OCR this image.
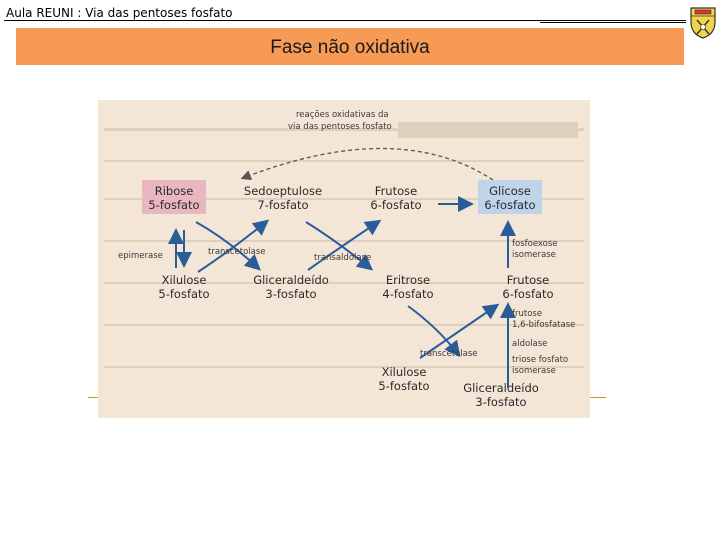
Aula REUNI : Via das pentoses fosfato
Fase não oxidativa
reações oxidativas da
via das pentoses fosfato
Ribose
5-fosfato
Sedoeptulose
7-fosfato
Frutose
6-fosfato
Glicose
6-fosfato
Xilulose
5-fosfato
Gliceraldeído
3-fosfato
Eritrose
4-fosfato
Frutose
6-fosfato
Xilulose
5-fosfato	Gliceraldeído
3-fosfato
epimerase	transcetolase
transaldolase
fosfoexose
isomerase
frutose
1,6-bifosfatase
aldolase
triose fosfato
isomerase
transcetolase
